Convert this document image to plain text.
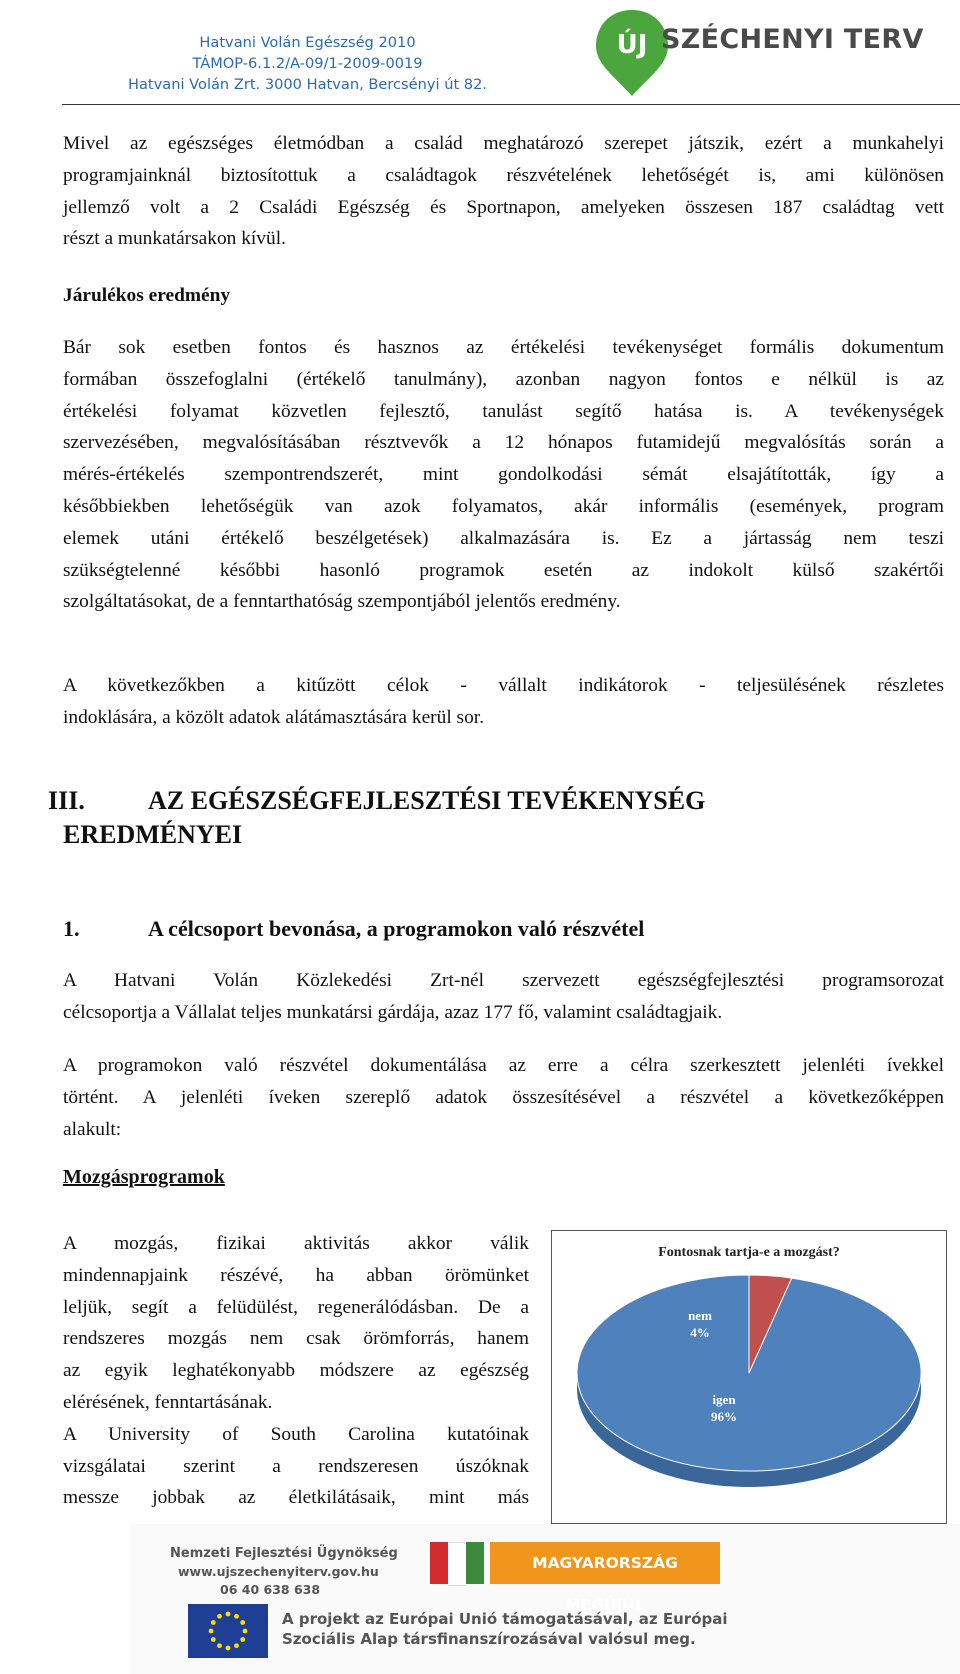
Hatvani Volán Egészség 2010
TÁMOP-6.1.2/A-09/1-2009-0019
Hatvani Volán Zrt. 3000 Hatvan, Bercsényi út 82.
ÚJ SZÉCHENYI TERV

Mivel az egészséges életmódban a család meghatározó szerepet játszik, ezért a munkahelyi

programjainknál biztosítottuk a családtagok részvételének lehetőségét is, ami különösen

jellemző volt a 2 Családi Egészség és Sportnapon, amelyeken összesen 187 családtag vett

részt a munkatársakon kívül.

Járulékos eredmény

Bár sok esetben fontos és hasznos az értékelési tevékenységet formális dokumentum

formában összefoglalni (értékelő tanulmány), azonban nagyon fontos e nélkül is az

értékelési folyamat közvetlen fejlesztő, tanulást segítő hatása is. A tevékenységek

szervezésében, megvalósításában résztvevők a 12 hónapos futamidejű megvalósítás során a

mérés-értékelés szempontrendszerét, mint gondolkodási sémát elsajátították, így a

későbbiekben lehetőségük van azok folyamatos, akár informális (események, program

elemek utáni értékelő beszélgetések) alkalmazására is. Ez a jártasság nem teszi

szükségtelenné későbbi hasonló programok esetén az indokolt külső szakértői

szolgáltatásokat, de a fenntarthatóság szempontjából jelentős eredmény.

A következőkben a kitűzött célok - vállalt indikátorok - teljesülésének részletes

indoklására, a közölt adatok alátámasztására kerül sor.

III. AZ EGÉSZSÉGFEJLESZTÉSI TEVÉKENYSÉG
EREDMÉNYEI
1.	A célcsoport bevonása, a programokon való részvétel

A Hatvani Volán Közlekedési Zrt-nél szervezett egészségfejlesztési programsorozat

célcsoportja a Vállalat teljes munkatársi gárdája, azaz 177 fő, valamint családtagjaik.

A programokon való részvétel dokumentálása az erre a célra szerkesztett jelenléti ívekkel

történt. A jelenléti íveken szereplő adatok összesítésével a részvétel a következőképpen

alakult:

Mozgásprogramok

A mozgás, fizikai aktivitás akkor válik

mindennapjaink részévé, ha abban örömünket

leljük, segít a felüdülést, regenerálódásban. De a

rendszeres mozgás nem csak örömforrás, hanem

az egyik leghatékonyabb módszere az egészség

elérésének, fenntartásának.

A University of South Carolina kutatóinak

vizsgálatai szerint a rendszeresen úszóknak

messze jobbak az életkilátásaik, mint más

Fontosnak tartja-e a mozgást?
nem
4%
igen
96%
Nemzeti Fejlesztési Ügynökség
www.ujszechenyiterv.gov.hu
06 40 638 638
MAGYARORSZÁG MEGÚJUL
A projekt az Európai Unió támogatásával, az Európai
Szociális Alap társfinanszírozásával valósul meg.
